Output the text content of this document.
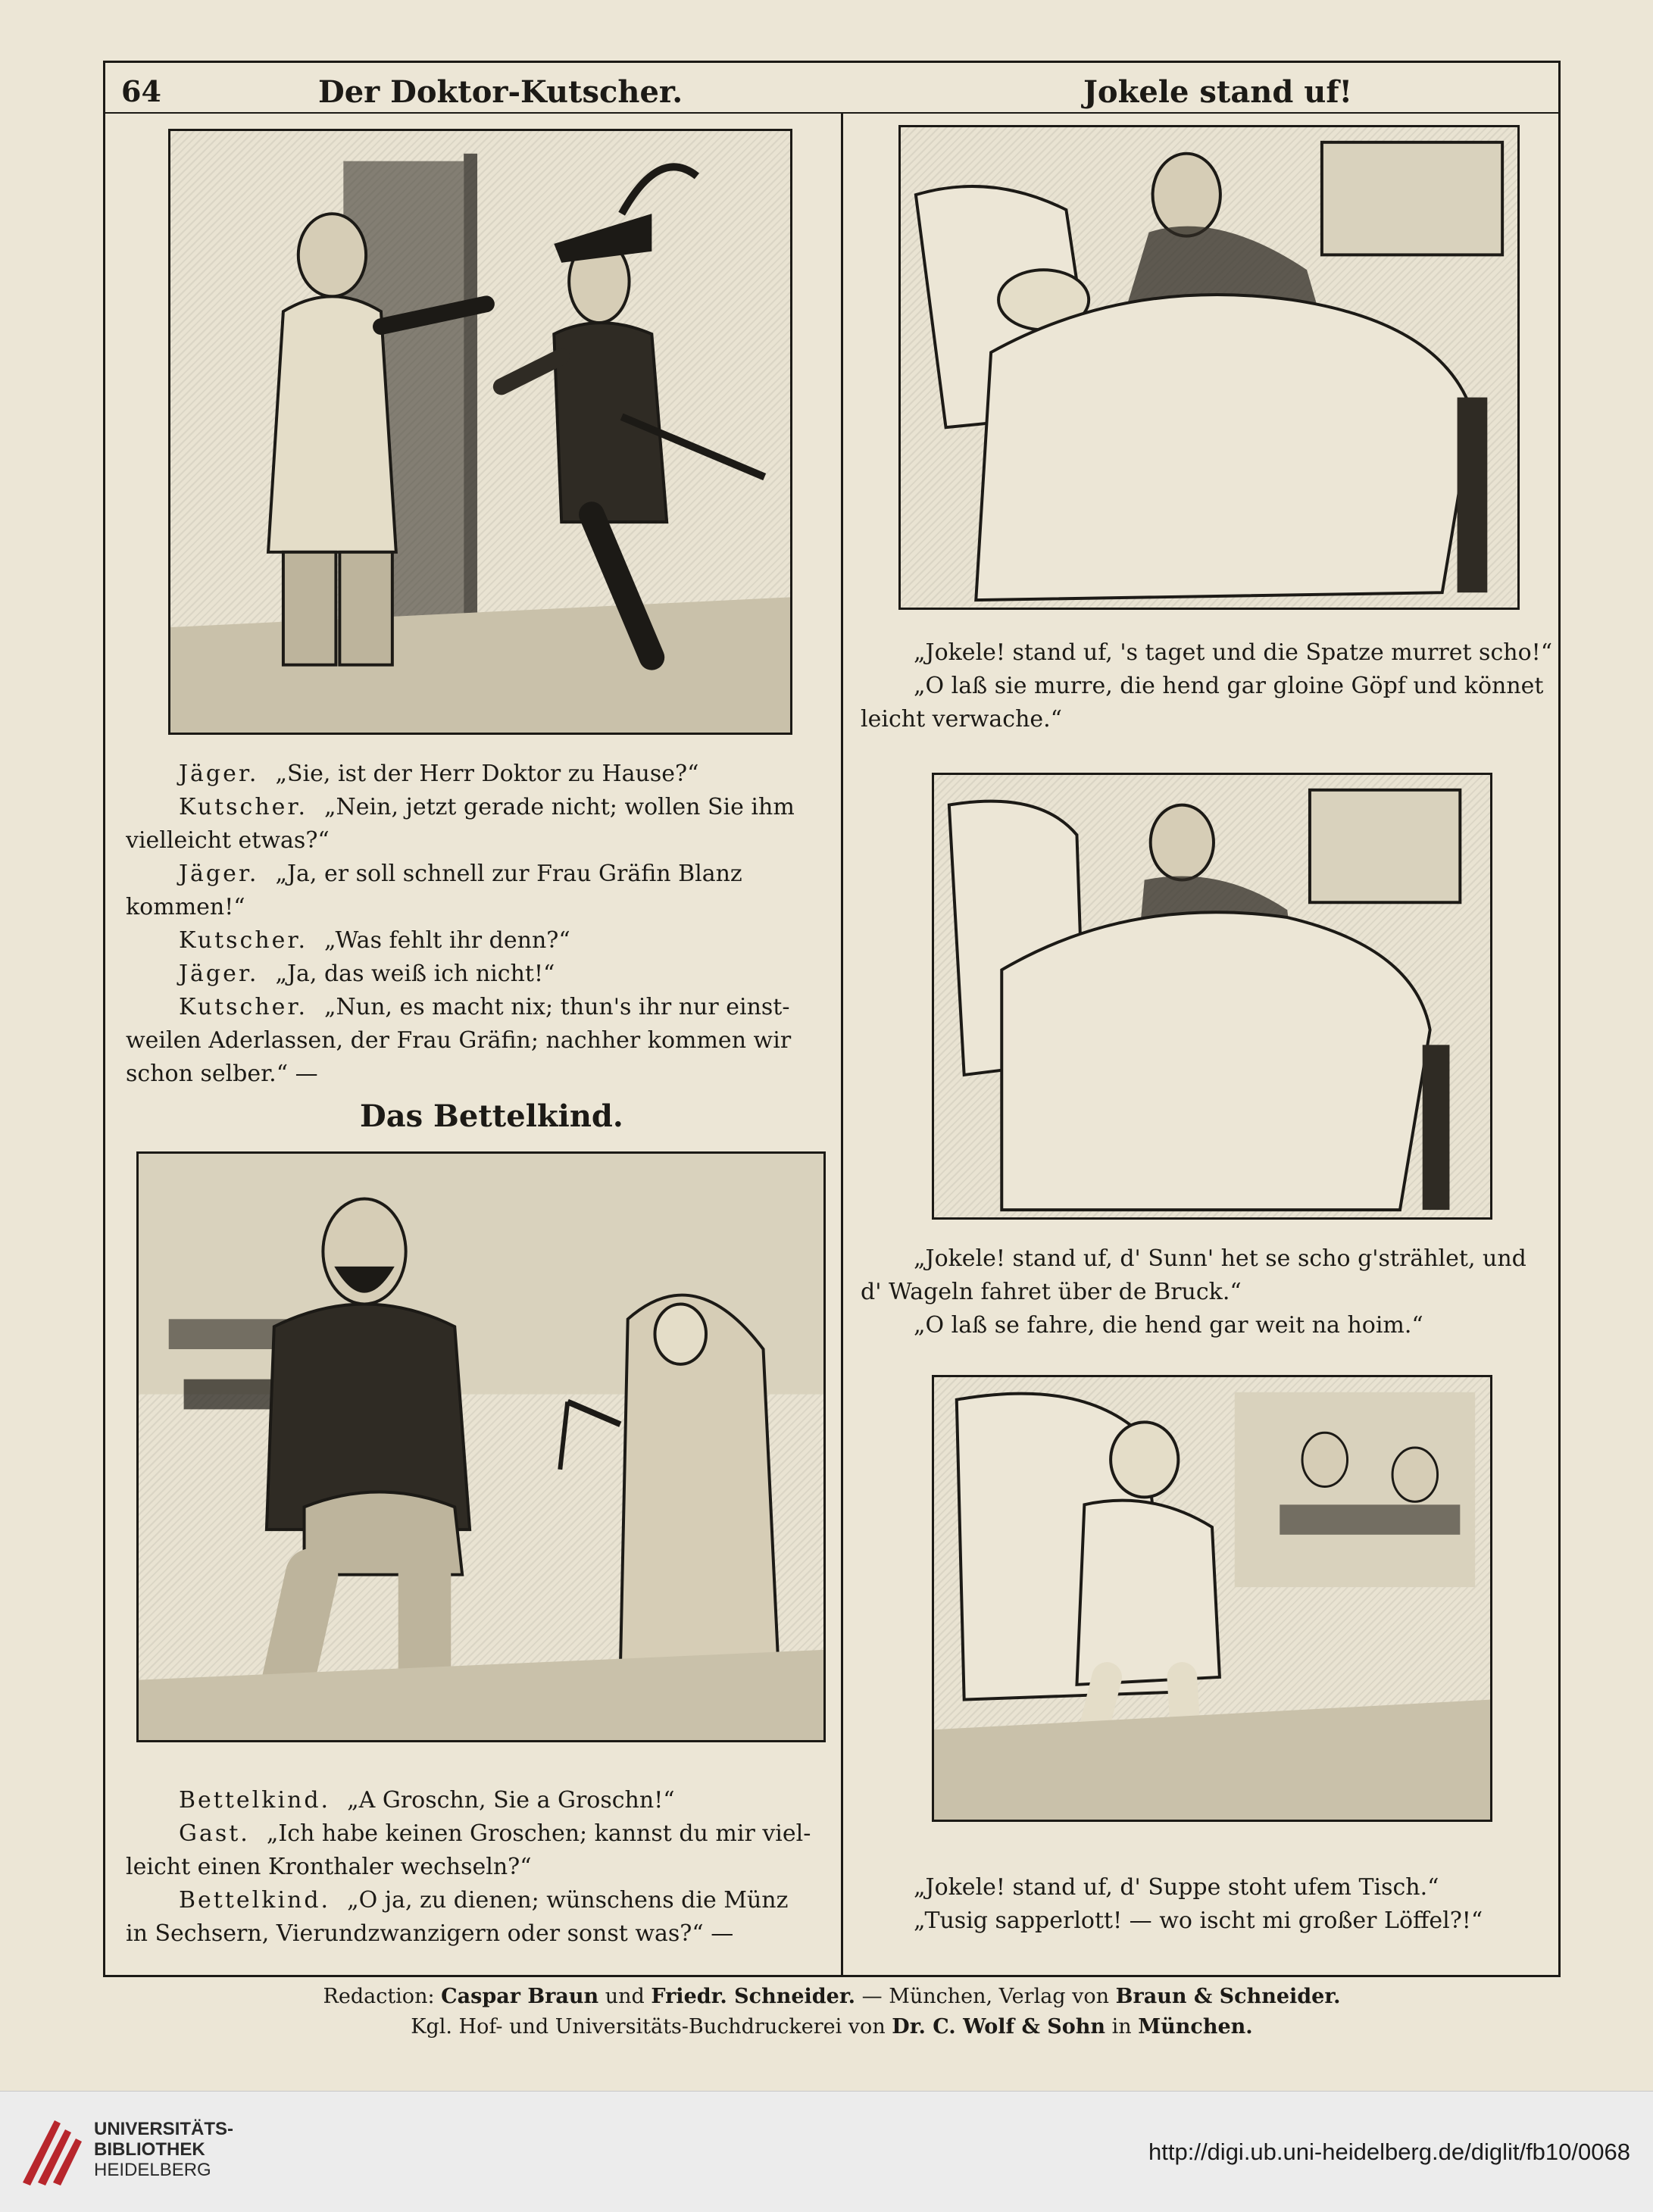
64	Der Doktor-Kutscher.	Jokele stand uf!
Jäger. „Sie, ist der Herr Doktor zu Hause?“
Kutscher. „Nein, jetzt gerade nicht; wollen Sie ihm
vielleicht etwas?“
Jäger. „Ja, er soll schnell zur Frau Gräfin Blanz
kommen!“
Kutscher. „Was fehlt ihr denn?“
Jäger. „Ja, das weiß ich nicht!“
Kutscher. „Nun, es macht nix; thun's ihr nur einst-
weilen Aderlassen, der Frau Gräfin; nachher kommen wir
schon selber.“ —
Das Bettelkind.
Bettelkind. „A Groschn, Sie a Groschn!“
Gast. „Ich habe keinen Groschen; kannst du mir viel-
leicht einen Kronthaler wechseln?“
Bettelkind. „O ja, zu dienen; wünschens die Münz
in Sechsern, Vierundzwanzigern oder sonst was?“ —
„Jokele! stand uf, 's taget und die Spatze murret scho!“
„O laß sie murre, die hend gar gloine Göpf und könnet
leicht verwache.“
„Jokele! stand uf, d' Sunn' het se scho g'strählet, und
d' Wageln fahret über de Bruck.“
„O laß se fahre, die hend gar weit na hoim.“
„Jokele! stand uf, d' Suppe stoht ufem Tisch.“
„Tusig sapperlott! — wo ischt mi großer Löffel?!“
Redaction: Caspar Braun und Friedr. Schneider. — München, Verlag von Braun & Schneider.
Kgl. Hof- und Universitäts-Buchdruckerei von Dr. C. Wolf & Sohn in München.
UNIVERSITÄTS-
BIBLIOTHEK
HEIDELBERG
http://digi.ub.uni-heidelberg.de/diglit/fb10/0068
